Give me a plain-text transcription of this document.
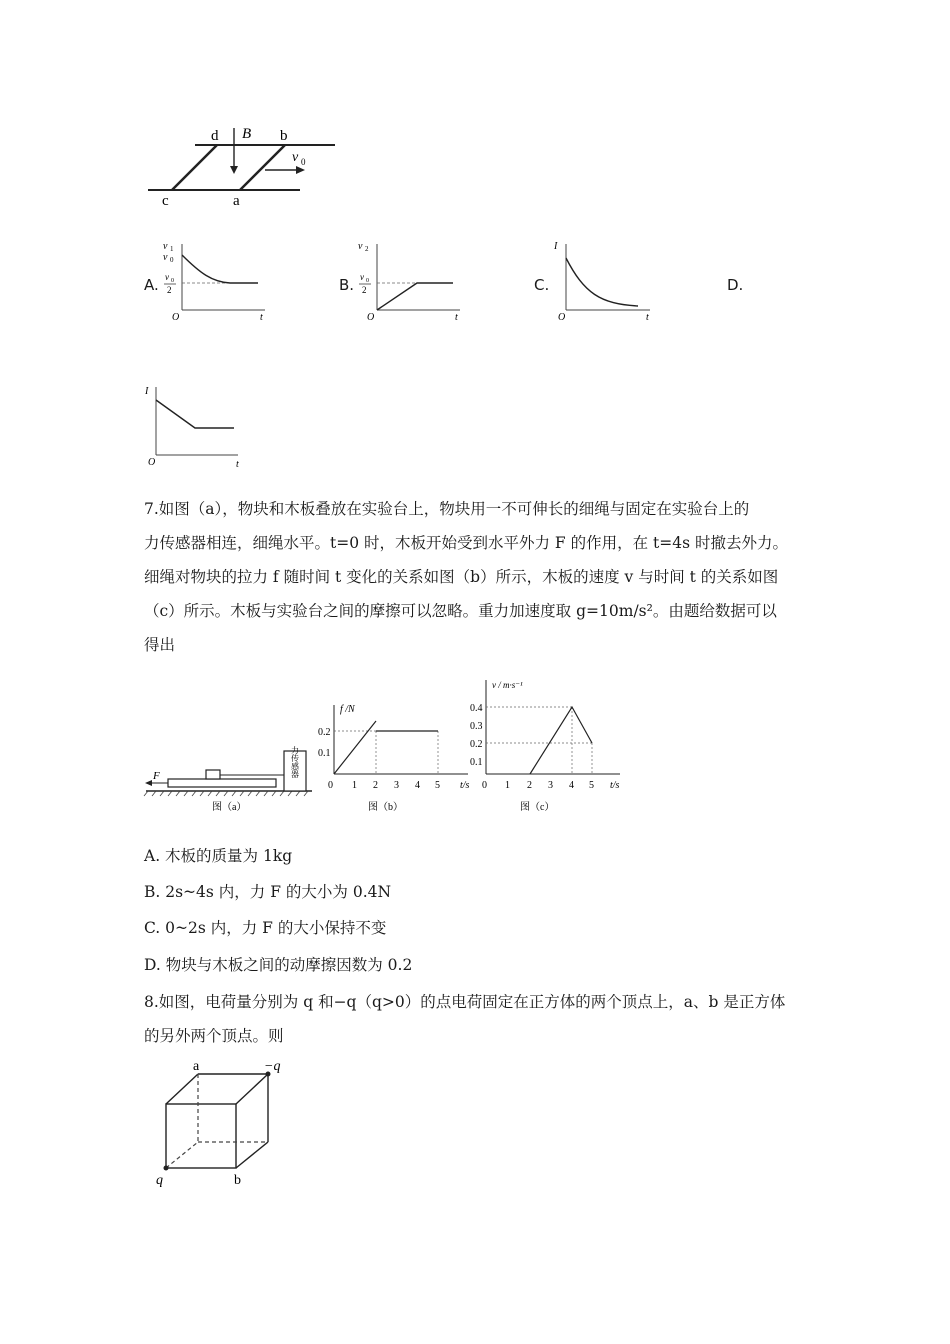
d B b
v 0
c	a
A.
v 1
v 0
v 0
2
O	t
B.
v 2
v 0
2
O	t
C.
I
O	t
D.
I
O	t
7.如图（a），物块和木板叠放在实验台上，物块用一不可伸长的细绳与固定在实验台上的
力传感器相连，细绳水平。t=0 时，木板开始受到水平外力 F 的作用，在 t=4s 时撤去外力。
细绳对物块的拉力 f 随时间 t 变化的关系如图（b）所示，木板的速度 v 与时间 t 的关系如图
（c）所示。木板与实验台之间的摩擦可以忽略。重力加速度取 g=10m/s²。由题给数据可以
得出
力传感器
F
图（a）
f /N
0.2
0.1
0 1 2 3 4 5 t/s
图（b）
v / m·s⁻¹
0.4
0.3
0.2
0.1
0 1 2 3 4 5 t/s
图（c）
A. 木板的质量为 1kg
B. 2s~4s 内，力 F 的大小为 0.4N
C. 0~2s 内，力 F 的大小保持不变
D. 物块与木板之间的动摩擦因数为 0.2
8.如图，电荷量分别为 q 和−q（q>0）的点电荷固定在正方体的两个顶点上，a、b 是正方体
的另外两个顶点。则
a	−q
q	b
